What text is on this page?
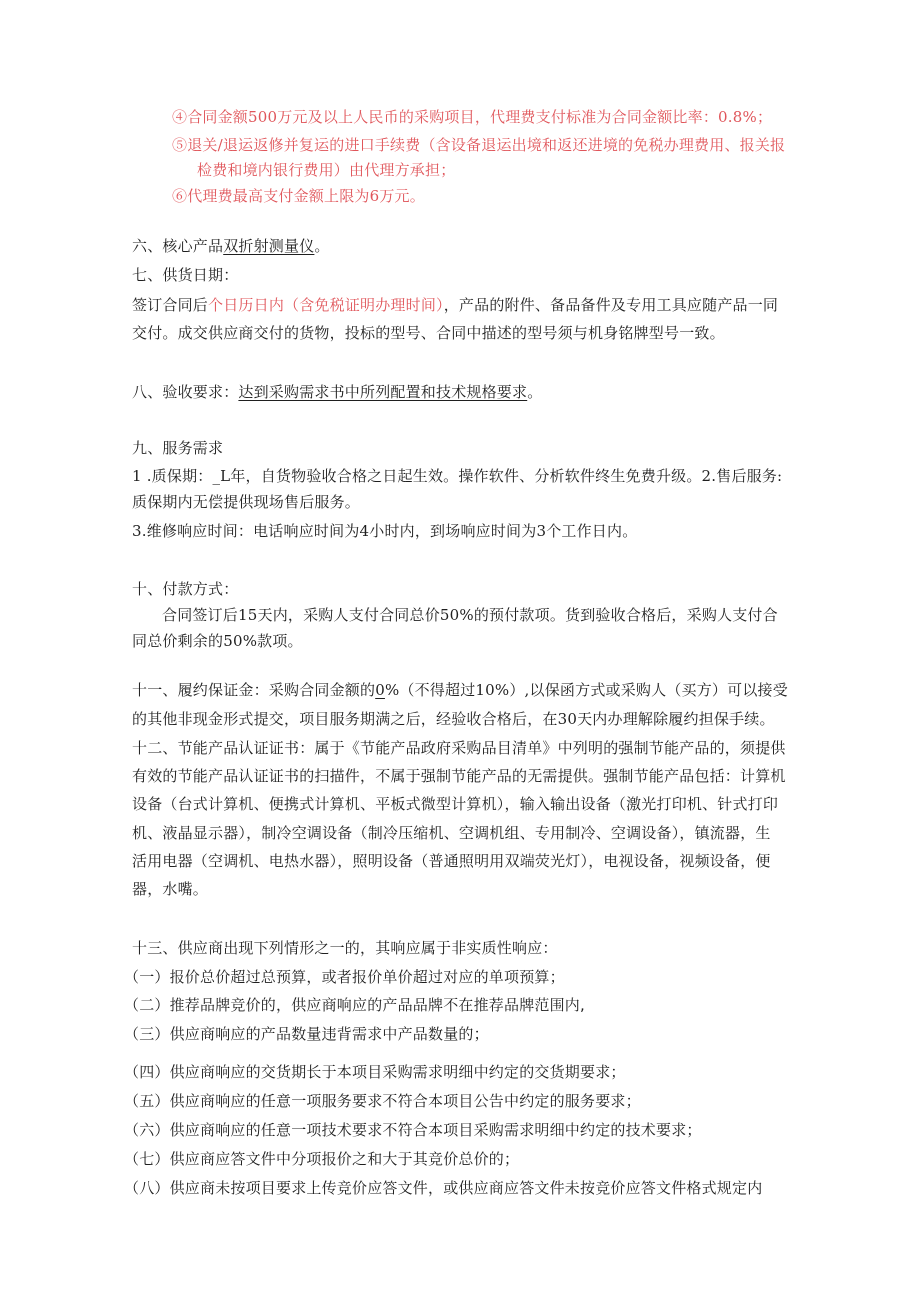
④合同金额500万元及以上人民币的采购项目，代理费支付标准为合同金额比率：0.8%；
⑤退关/退运返修并复运的进口手续费（含设备退运出境和返还进境的免税办理费用、报关报
检费和境内银行费用）由代理方承担；
⑥代理费最高支付金额上限为6万元。
六、核心产品双折射测量仪。
七、供货日期：
签订合同后个日历日内（含免税证明办理时间），产品的附件、备品备件及专用工具应随产品一同
交付。成交供应商交付的货物，投标的型号、合同中描述的型号须与机身铭牌型号一致。
八、验收要求：达到采购需求书中所列配置和技术规格要求。
九、服务需求
1 .质保期：_L年，自货物验收合格之日起生效。操作软件、分析软件终生免费升级。2.售后服务:
质保期内无偿提供现场售后服务。
3.维修响应时间：电话响应时间为4小时内，到场响应时间为3个工作日内。
十、付款方式：
合同签订后15天内，采购人支付合同总价50%的预付款项。货到验收合格后，采购人支付合
同总价剩余的50%款项。
十一、履约保证金：采购合同金额的0%（不得超过10%）,以保函方式或采购人（买方）可以接受
的其他非现金形式提交，项目服务期满之后，经验收合格后，在30天内办理解除履约担保手续。
十二、节能产品认证证书：属于《节能产品政府采购品目清单》中列明的强制节能产品的，须提供
有效的节能产品认证证书的扫描件，不属于强制节能产品的无需提供。强制节能产品包括：计算机
设备（台式计算机、便携式计算机、平板式微型计算机），输入输出设备（激光打印机、针式打印
机、液晶显示器），制冷空调设备（制冷压缩机、空调机组、专用制冷、空调设备），镇流器，生
活用电器（空调机、电热水器），照明设备（普通照明用双端荧光灯），电视设备，视频设备，便
器，水嘴。
十三、供应商出现下列情形之一的，其响应属于非实质性响应：
（一）报价总价超过总预算，或者报价单价超过对应的单项预算；
（二）推荐品牌竞价的，供应商响应的产品品牌不在推荐品牌范围内,
（三）供应商响应的产品数量违背需求中产品数量的；
（四）供应商响应的交货期长于本项目采购需求明细中约定的交货期要求；
（五）供应商响应的任意一项服务要求不符合本项目公告中约定的服务要求；
（六）供应商响应的任意一项技术要求不符合本项目采购需求明细中约定的技术要求；
（七）供应商应答文件中分项报价之和大于其竞价总价的；
（八）供应商未按项目要求上传竞价应答文件，或供应商应答文件未按竞价应答文件格式规定内
